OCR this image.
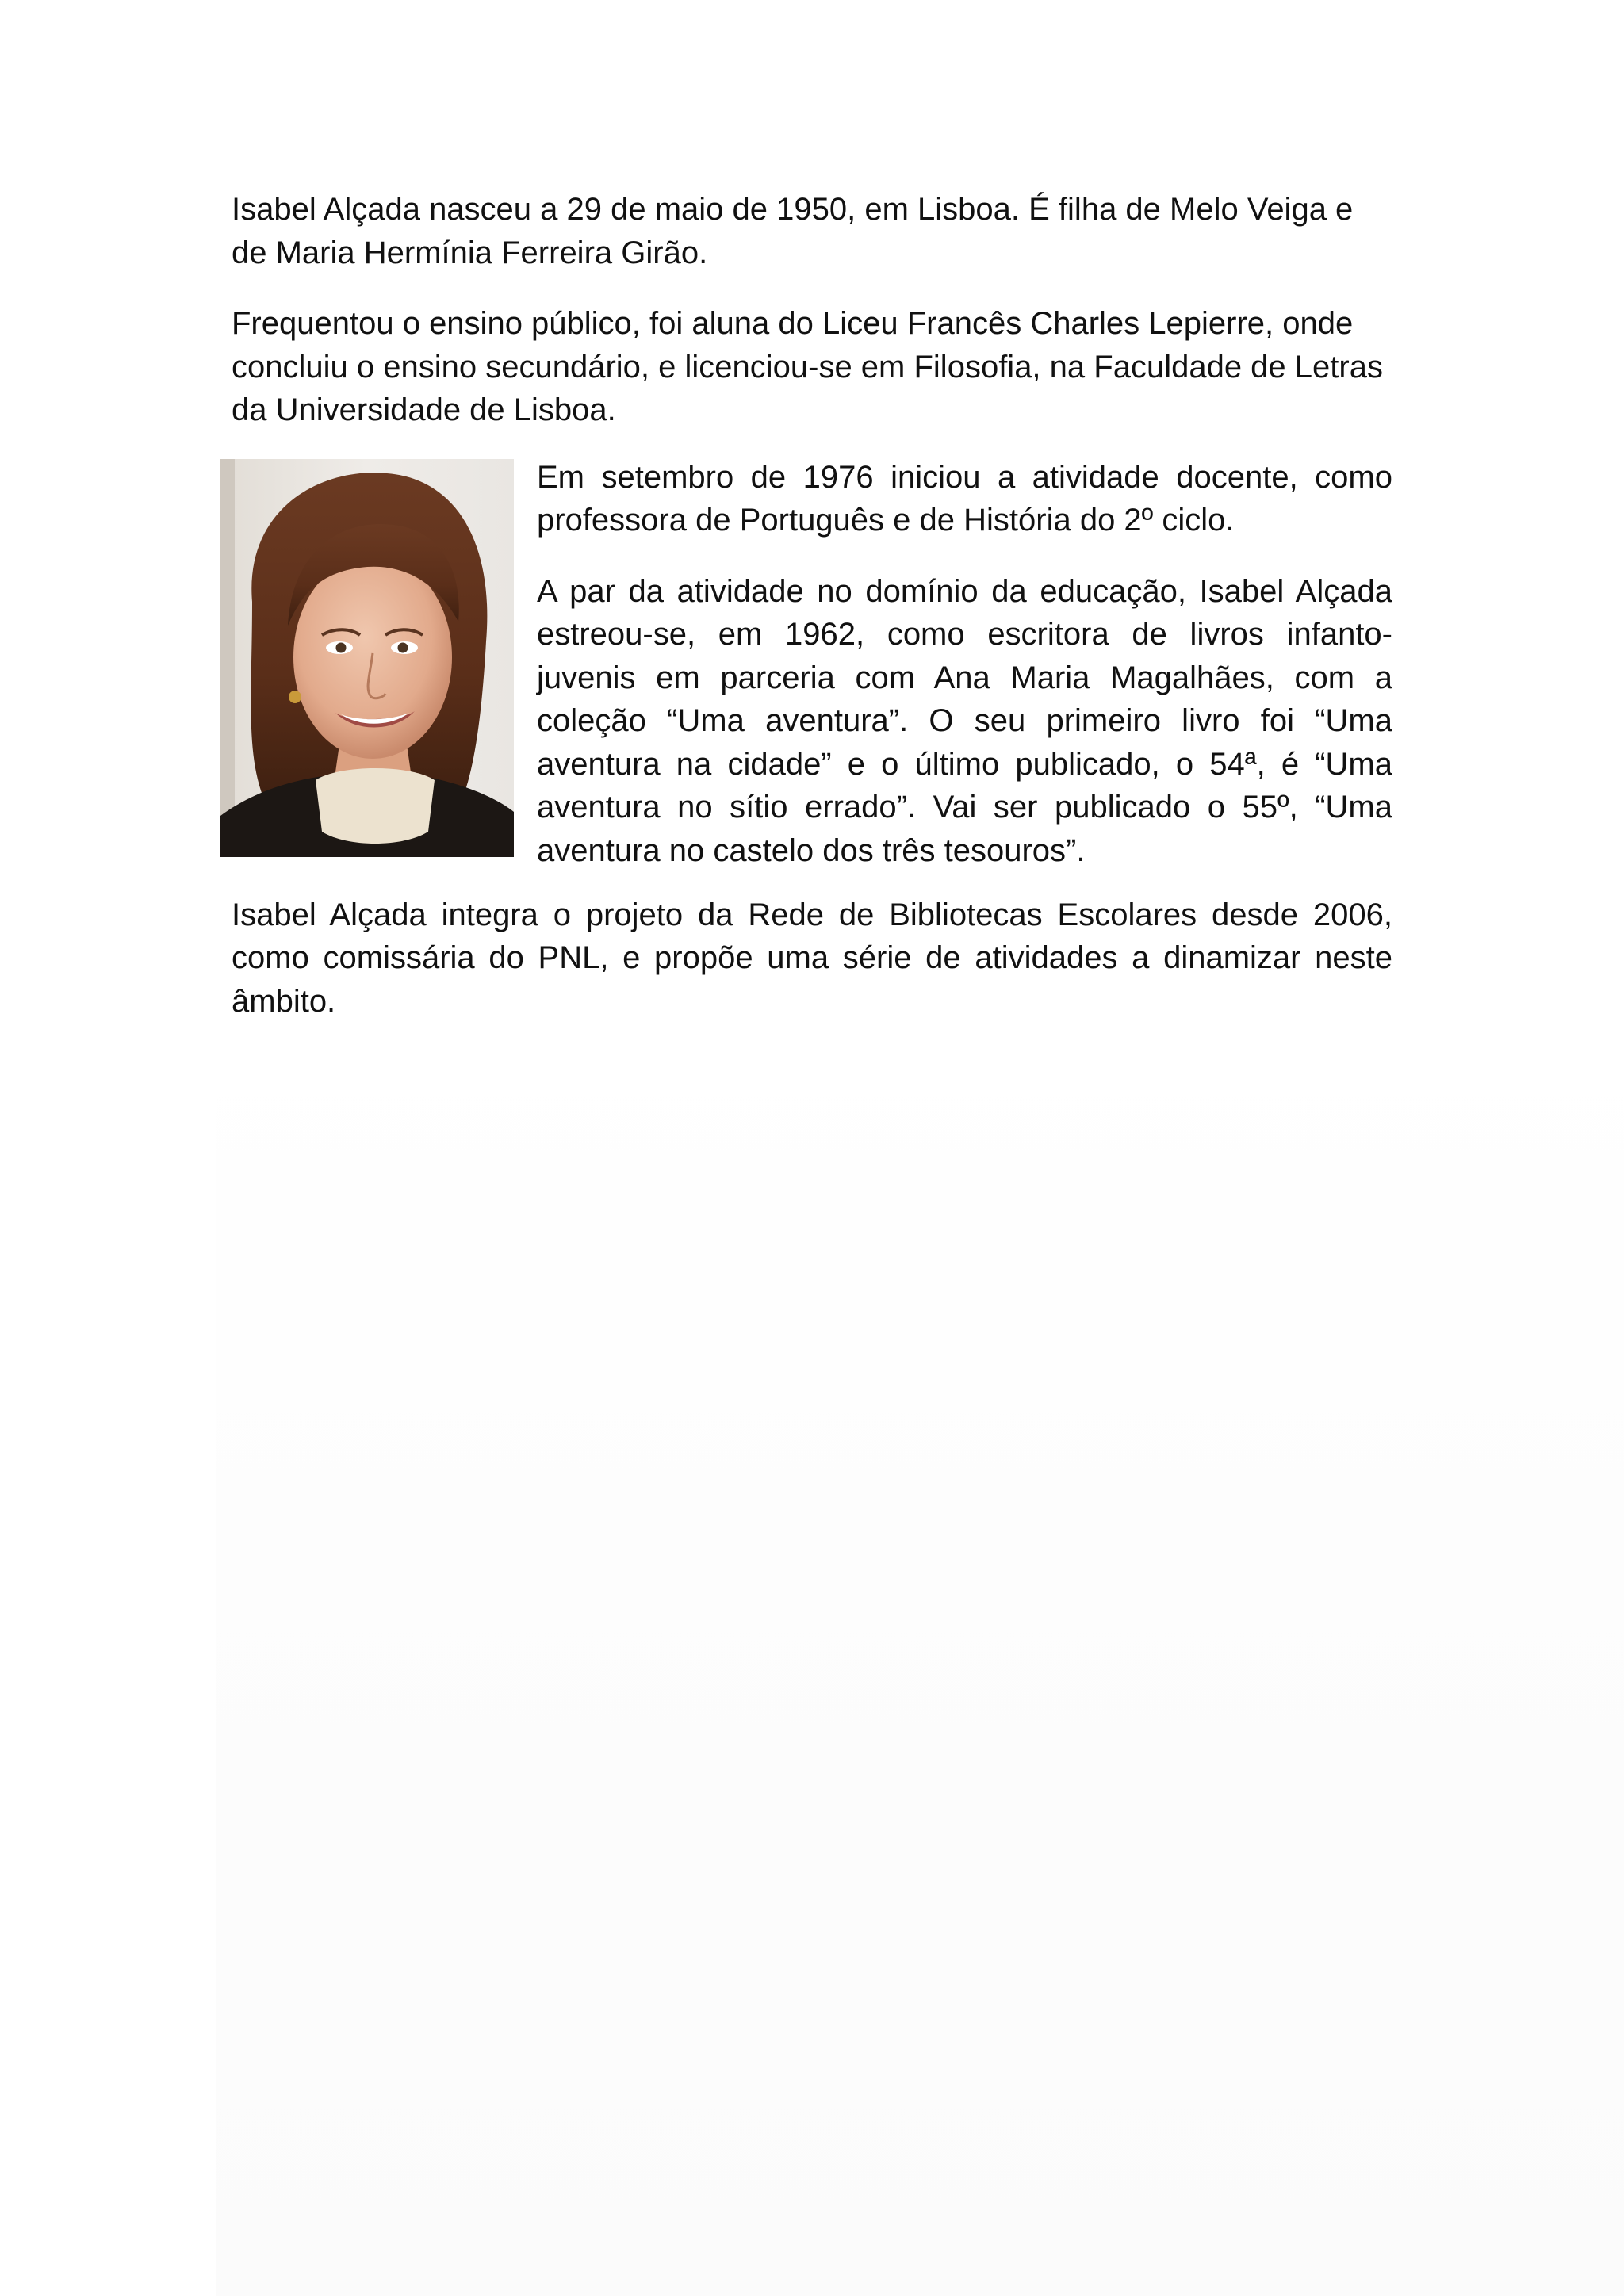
Isabel Alçada nasceu a 29 de maio de 1950, em Lisboa. É filha de Melo Veiga e de Maria Hermínia Ferreira Girão.

Frequentou o ensino público, foi aluna do Liceu Francês Charles Lepierre, onde concluiu o ensino secundário, e licenciou-se em Filosofia, na Faculdade de Letras da Universidade de Lisboa.

Em setembro de 1976 iniciou a atividade docente, como professora de Português e de História do 2º ciclo.

A par da atividade no domínio da educação, Isabel Alçada estreou-se, em 1962, como escritora de livros infanto-juvenis em parceria com Ana Maria Magalhães, com a coleção “Uma aventura”. O seu primeiro livro foi “Uma aventura na cidade” e o último publicado, o 54ª, é “Uma aventura no sítio errado”. Vai ser publicado o 55º, “Uma aventura no castelo dos três tesouros”.

Isabel Alçada integra o projeto da Rede de Bibliotecas Escolares desde 2006, como comissária do PNL, e propõe uma série de atividades a dinamizar neste âmbito.
